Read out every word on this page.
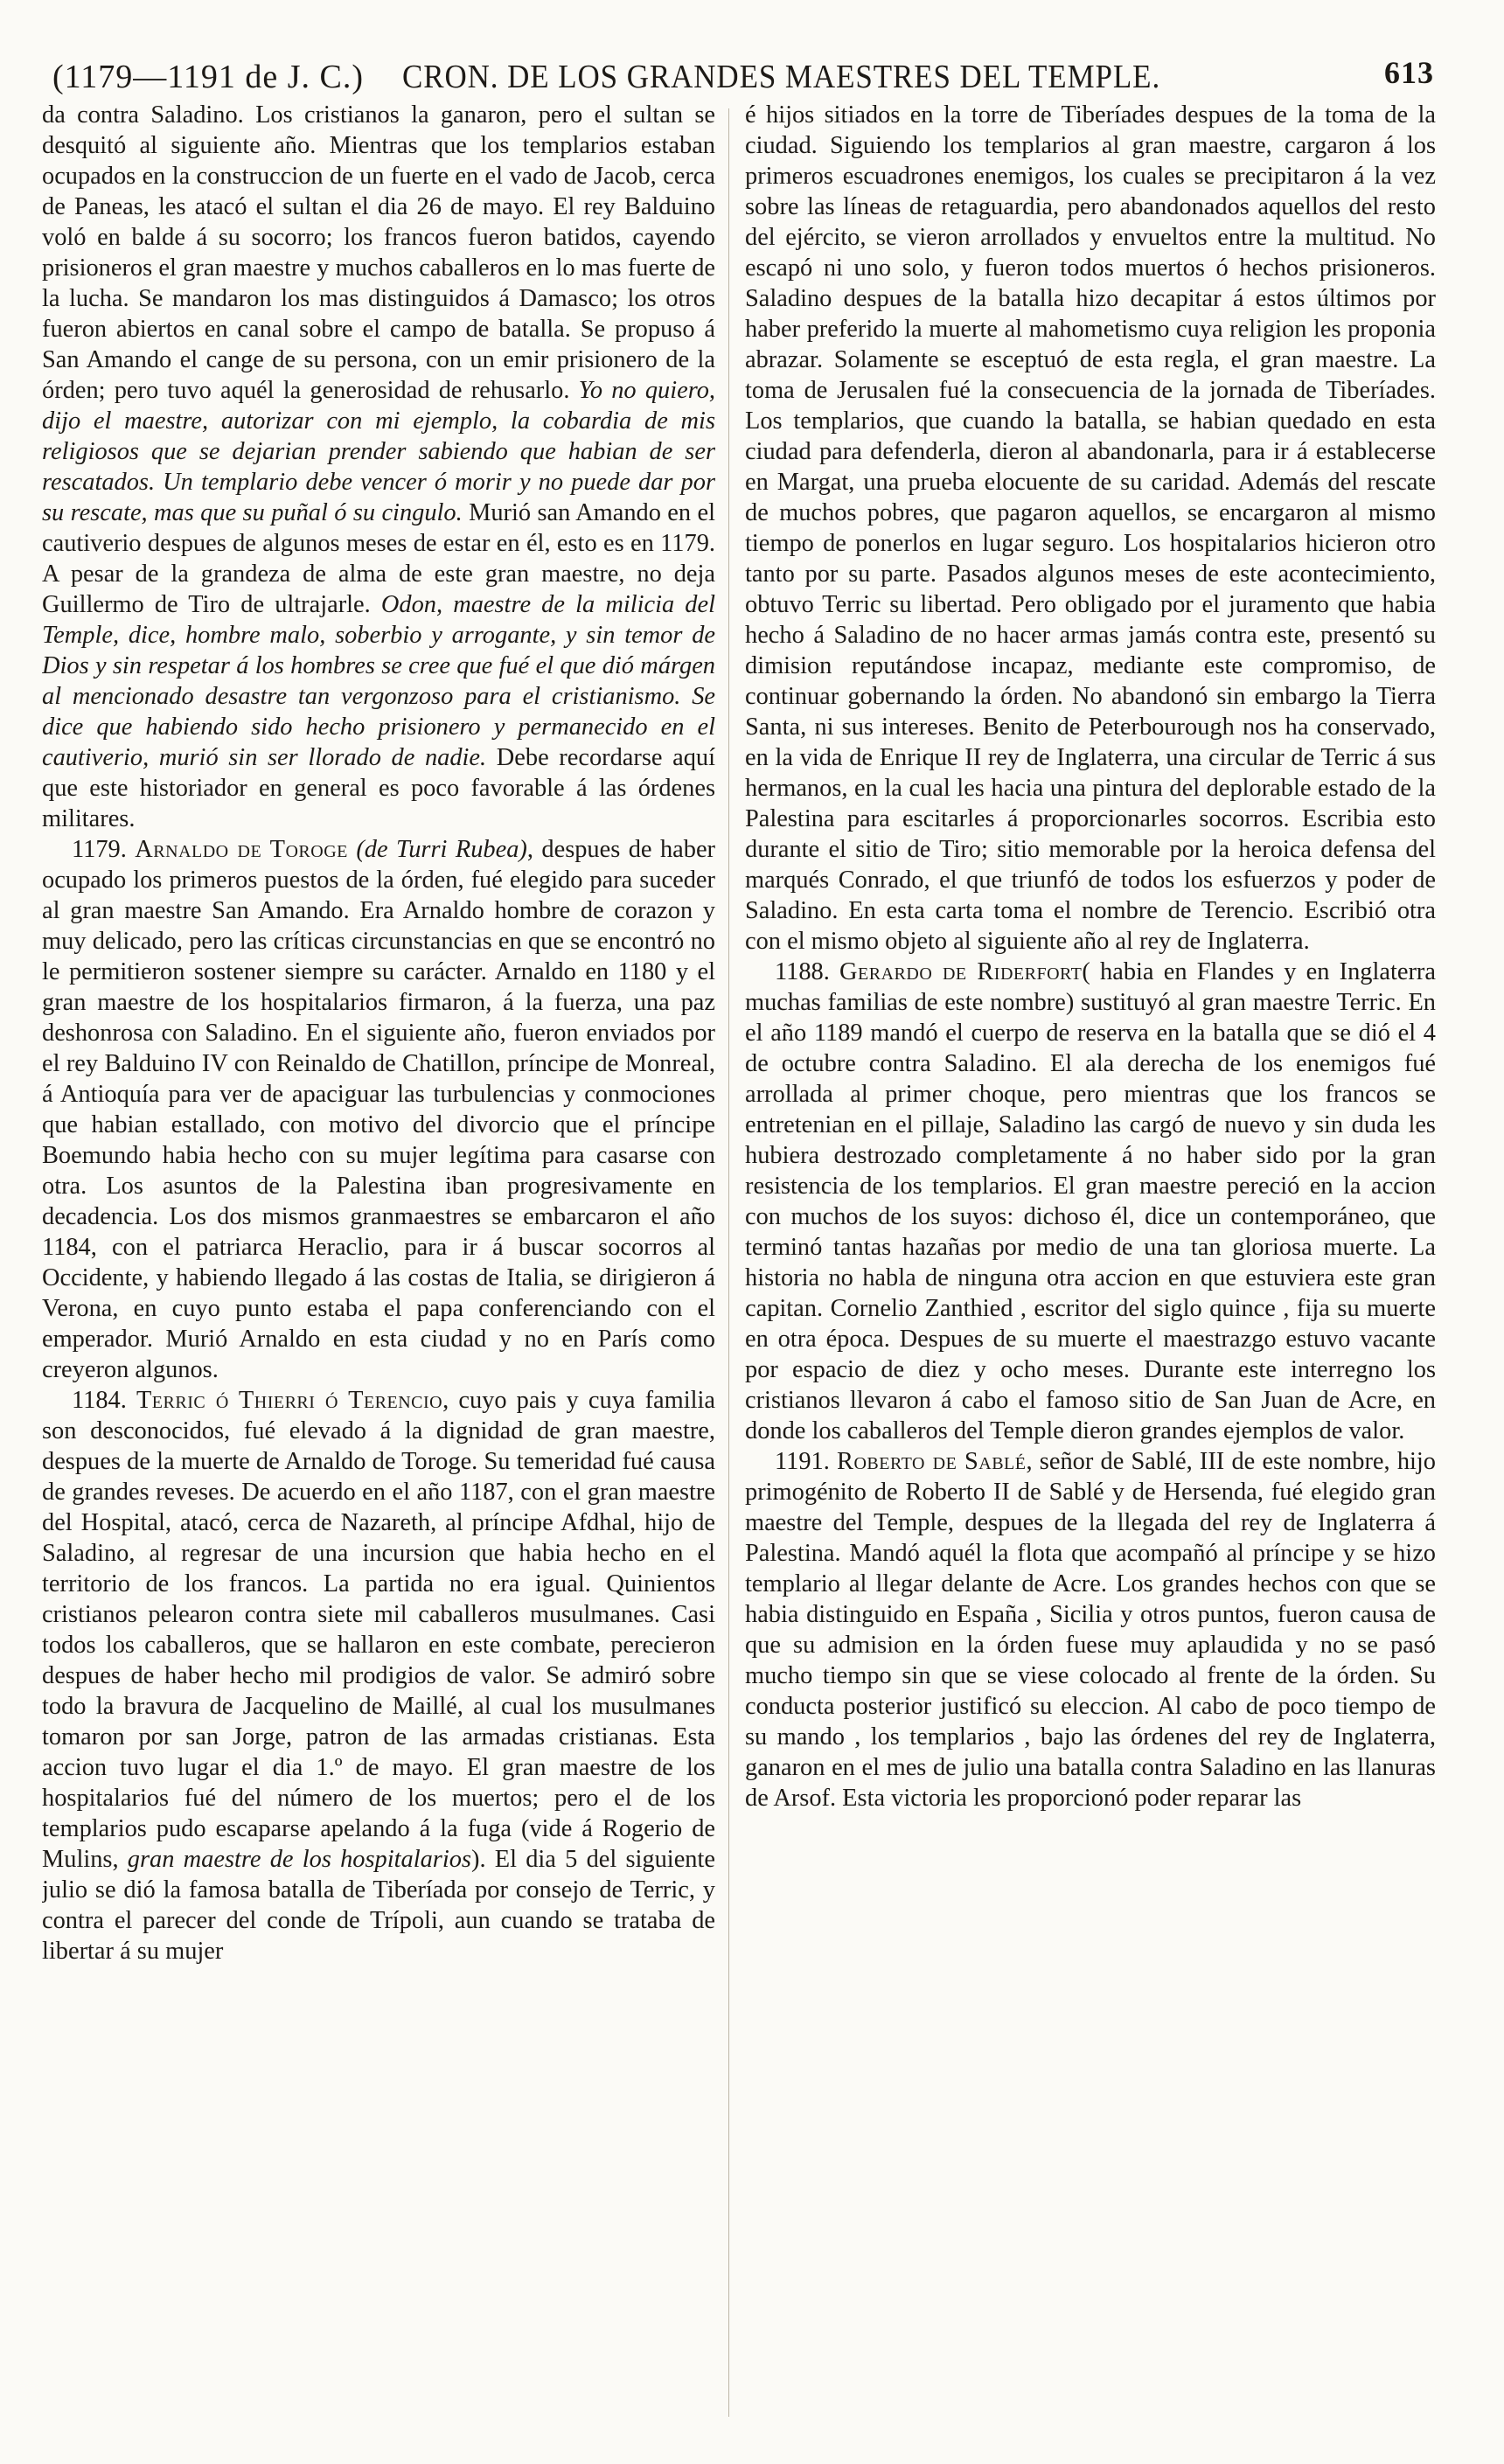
(1179—1191 de J. C.) CRON. DE LOS GRANDES MAESTRES DEL TEMPLE.	613

da contra Saladino. Los cristianos la ganaron, pero el sultan se desquitó al siguiente año. Mientras que los templarios estaban ocupados en la construccion de un fuerte en el vado de Jacob, cerca de Paneas, les atacó el sultan el dia 26 de mayo. El rey Balduino voló en balde á su socorro; los francos fueron batidos, cayendo prisioneros el gran maestre y muchos caballeros en lo mas fuerte de la lucha. Se mandaron los mas distinguidos á Damasco; los otros fueron abiertos en canal sobre el campo de batalla. Se propuso á San Amando el cange de su persona, con un emir prisionero de la órden; pero tuvo aquél la generosidad de rehusarlo. Yo no quiero, dijo el maestre, autorizar con mi ejemplo, la cobardia de mis religiosos que se dejarian prender sabiendo que habian de ser rescatados. Un templario debe vencer ó morir y no puede dar por su rescate, mas que su puñal ó su cingulo. Murió san Amando en el cautiverio despues de algunos meses de estar en él, esto es en 1179. A pesar de la grandeza de alma de este gran maestre, no deja Guillermo de Tiro de ultrajarle. Odon, maestre de la milicia del Temple, dice, hombre malo, soberbio y arrogante, y sin temor de Dios y sin respetar á los hombres se cree que fué el que dió márgen al mencionado desastre tan vergonzoso para el cristianismo. Se dice que habiendo sido hecho prisionero y permanecido en el cautiverio, murió sin ser llorado de nadie. Debe recordarse aquí que este historiador en general es poco favorable á las órdenes militares.

1179. Arnaldo de Toroge (de Turri Rubea), despues de haber ocupado los primeros puestos de la órden, fué elegido para suceder al gran maestre San Amando. Era Arnaldo hombre de corazon y muy delicado, pero las críticas circunstancias en que se encontró no le permitieron sostener siempre su carácter. Arnaldo en 1180 y el gran maestre de los hospitalarios firmaron, á la fuerza, una paz deshonrosa con Saladino. En el siguiente año, fueron enviados por el rey Balduino IV con Reinaldo de Chatillon, príncipe de Monreal, á Antioquía para ver de apaciguar las turbulencias y conmociones que habian estallado, con motivo del divorcio que el príncipe Boemundo habia hecho con su mujer legítima para casarse con otra. Los asuntos de la Palestina iban progresivamente en decadencia. Los dos mismos granmaestres se embarcaron el año 1184, con el patriarca Heraclio, para ir á buscar socorros al Occidente, y habiendo llegado á las costas de Italia, se dirigieron á Verona, en cuyo punto estaba el papa conferenciando con el emperador. Murió Arnaldo en esta ciudad y no en París como creyeron algunos.

1184. Terric ó Thierri ó Terencio, cuyo pais y cuya familia son desconocidos, fué elevado á la dignidad de gran maestre, despues de la muerte de Arnaldo de Toroge. Su temeridad fué causa de grandes reveses. De acuerdo en el año 1187, con el gran maestre del Hospital, atacó, cerca de Nazareth, al príncipe Afdhal, hijo de Saladino, al regresar de una incursion que habia hecho en el territorio de los francos. La partida no era igual. Quinientos cristianos pelearon contra siete mil caballeros musulmanes. Casi todos los caballeros, que se hallaron en este combate, perecieron despues de haber hecho mil prodigios de valor. Se admiró sobre todo la bravura de Jacquelino de Maillé, al cual los musulmanes tomaron por san Jorge, patron de las armadas cristianas. Esta accion tuvo lugar el dia 1.º de mayo. El gran maestre de los hospitalarios fué del número de los muertos; pero el de los templarios pudo escaparse apelando á la fuga (vide á Rogerio de Mulins, gran maestre de los hospitalarios). El dia 5 del siguiente julio se dió la famosa batalla de Tiberíada por consejo de Terric, y contra el parecer del conde de Trípoli, aun cuando se trataba de libertar á su mujer

é hijos sitiados en la torre de Tiberíades despues de la toma de la ciudad. Siguiendo los templarios al gran maestre, cargaron á los primeros escuadrones enemigos, los cuales se precipitaron á la vez sobre las líneas de retaguardia, pero abandonados aquellos del resto del ejército, se vieron arrollados y envueltos entre la multitud. No escapó ni uno solo, y fueron todos muertos ó hechos prisioneros. Saladino despues de la batalla hizo decapitar á estos últimos por haber preferido la muerte al mahometismo cuya religion les proponia abrazar. Solamente se esceptuó de esta regla, el gran maestre. La toma de Jerusalen fué la consecuencia de la jornada de Tiberíades. Los templarios, que cuando la batalla, se habian quedado en esta ciudad para defenderla, dieron al abandonarla, para ir á establecerse en Margat, una prueba elocuente de su caridad. Además del rescate de muchos pobres, que pagaron aquellos, se encargaron al mismo tiempo de ponerlos en lugar seguro. Los hospitalarios hicieron otro tanto por su parte. Pasados algunos meses de este acontecimiento, obtuvo Terric su libertad. Pero obligado por el juramento que habia hecho á Saladino de no hacer armas jamás contra este, presentó su dimision reputándose incapaz, mediante este compromiso, de continuar gobernando la órden. No abandonó sin embargo la Tierra Santa, ni sus intereses. Benito de Peterbourough nos ha conservado, en la vida de Enrique II rey de Inglaterra, una circular de Terric á sus hermanos, en la cual les hacia una pintura del deplorable estado de la Palestina para escitarles á proporcionarles socorros. Escribia esto durante el sitio de Tiro; sitio memorable por la heroica defensa del marqués Conrado, el que triunfó de todos los esfuerzos y poder de Saladino. En esta carta toma el nombre de Terencio. Escribió otra con el mismo objeto al siguiente año al rey de Inglaterra.

1188. Gerardo de Riderfort( habia en Flandes y en Inglaterra muchas familias de este nombre) sustituyó al gran maestre Terric. En el año 1189 mandó el cuerpo de reserva en la batalla que se dió el 4 de octubre contra Saladino. El ala derecha de los enemigos fué arrollada al primer choque, pero mientras que los francos se entretenian en el pillaje, Saladino las cargó de nuevo y sin duda les hubiera destrozado completamente á no haber sido por la gran resistencia de los templarios. El gran maestre pereció en la accion con muchos de los suyos: dichoso él, dice un contemporáneo, que terminó tantas hazañas por medio de una tan gloriosa muerte. La historia no habla de ninguna otra accion en que estuviera este gran capitan. Cornelio Zanthied , escritor del siglo quince , fija su muerte en otra época. Despues de su muerte el maestrazgo estuvo vacante por espacio de diez y ocho meses. Durante este interregno los cristianos llevaron á cabo el famoso sitio de San Juan de Acre, en donde los caballeros del Temple dieron grandes ejemplos de valor.

1191. Roberto de Sablé, señor de Sablé, III de este nombre, hijo primogénito de Roberto II de Sablé y de Hersenda, fué elegido gran maestre del Temple, despues de la llegada del rey de Inglaterra á Palestina. Mandó aquél la flota que acompañó al príncipe y se hizo templario al llegar delante de Acre. Los grandes hechos con que se habia distinguido en España , Sicilia y otros puntos, fueron causa de que su admision en la órden fuese muy aplaudida y no se pasó mucho tiempo sin que se viese colocado al frente de la órden. Su conducta posterior justificó su eleccion. Al cabo de poco tiempo de su mando , los templarios , bajo las órdenes del rey de Inglaterra, ganaron en el mes de julio una batalla contra Saladino en las llanuras de Arsof. Esta victoria les proporcionó poder reparar las
